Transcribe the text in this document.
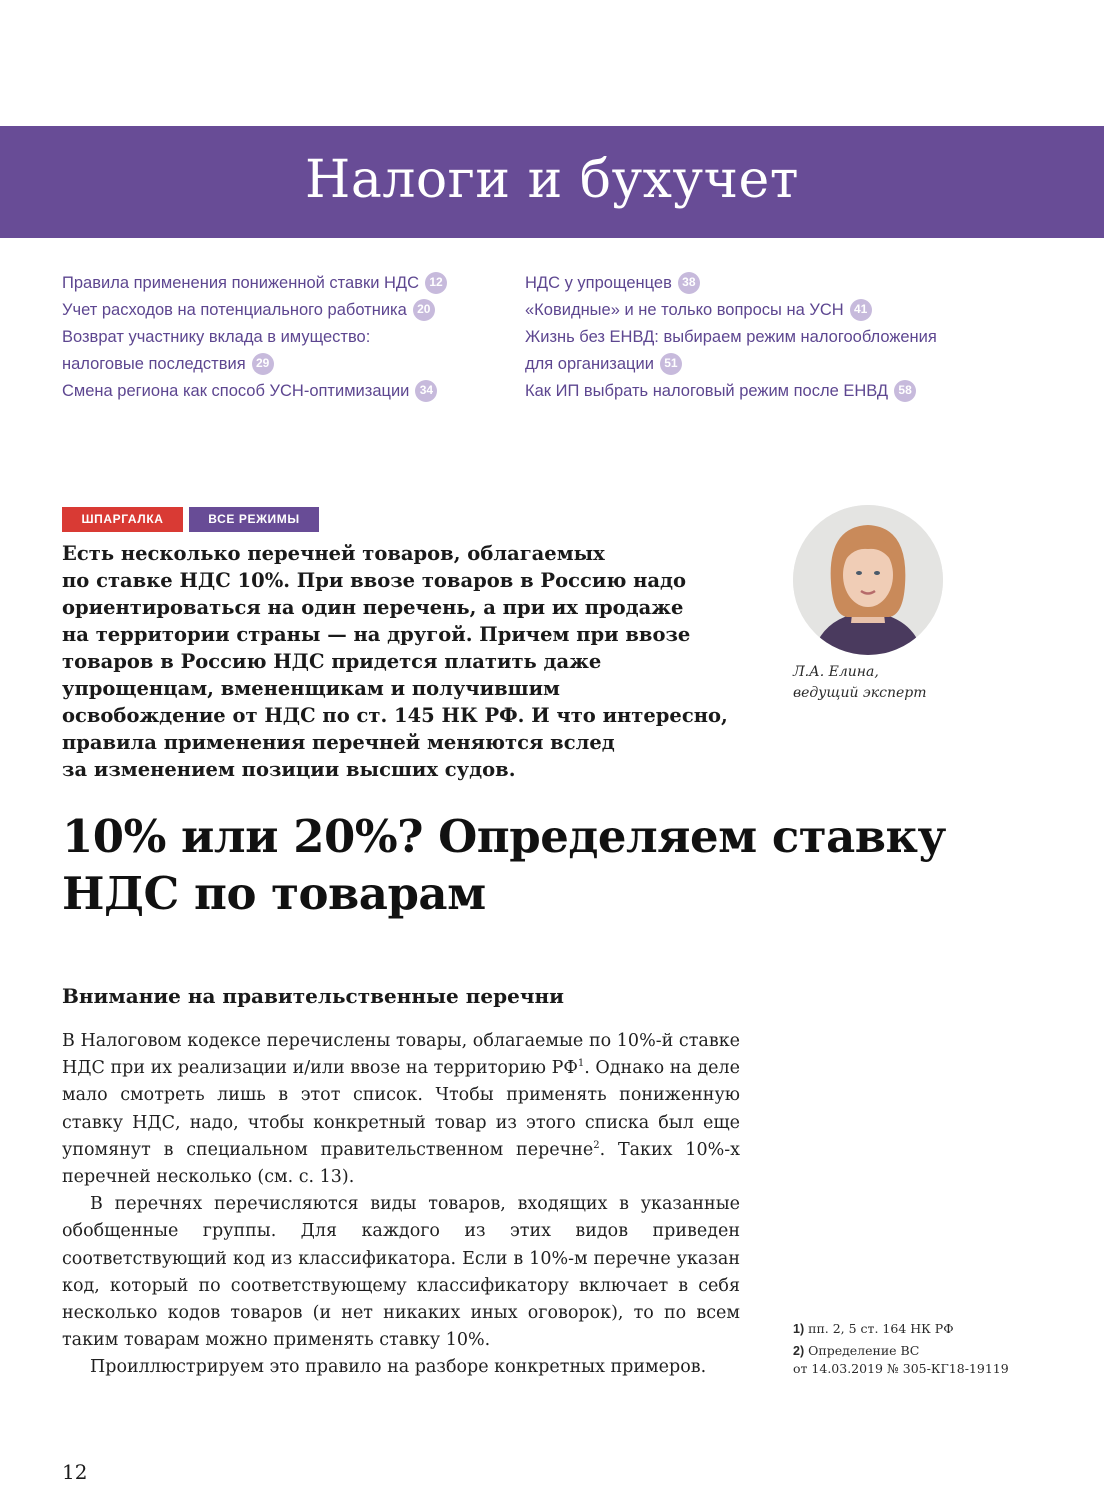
Налоги и бухучет
Правила применения пониженной ставки НДС 12
Учет расходов на потенциального работника 20
Возврат участнику вклада в имущество:
налоговые последствия 29
Смена региона как способ УСН-оптимизации 34
НДС у упрощенцев 38
«Ковидные» и не только вопросы на УСН 41
Жизнь без ЕНВД: выбираем режим налогообложения
для организации 51
Как ИП выбрать налоговый режим после ЕНВД 58
ШПАРГАЛКА	ВСЕ РЕЖИМЫ
Есть несколько перечней товаров, облагаемых
по ставке НДС 10%. При ввозе товаров в Россию надо
ориентироваться на один перечень, а при их продаже
на территории страны — на другой. Причем при ввозе
товаров в Россию НДС придется платить даже
упрощенцам, вмененщикам и получившим
освобождение от НДС по ст. 145 НК РФ. И что интересно,
правила применения перечней меняются вслед
за изменением позиции высших судов.
Л.А. Елина,
ведущий эксперт
10% или 20%? Определяем ставку
НДС по товарам
Внимание на правительственные перечни

В Налоговом кодексе перечислены товары, облагаемые по 10%-й ставке НДС при их реализации и/или ввозе на территорию $РФ^1$. Однако на деле мало смотреть лишь в этот список. Чтобы применять пониженную ставку НДС, надо, чтобы конкретный товар из этого списка был еще упомянут в специальном правительственном перечне$^2$. Таких 10%-х перечней несколько (см. с. 13).

В перечнях перечисляются виды товаров, входящих в указанные обобщенные группы. Для каждого из этих видов приведен соответствующий код из классификатора. Если в 10%-м перечне указан код, который по соответствующему классификатору включает в себя несколько кодов товаров (и нет никаких иных оговорок), то по всем таким товарам можно применять ставку 10%.

Проиллюстрируем это правило на разборе конкретных примеров.

1) пп. 2, 5 ст. 164 НК РФ
2) Определение ВС
от 14.03.2019 № 305-КГ18-19119
12
